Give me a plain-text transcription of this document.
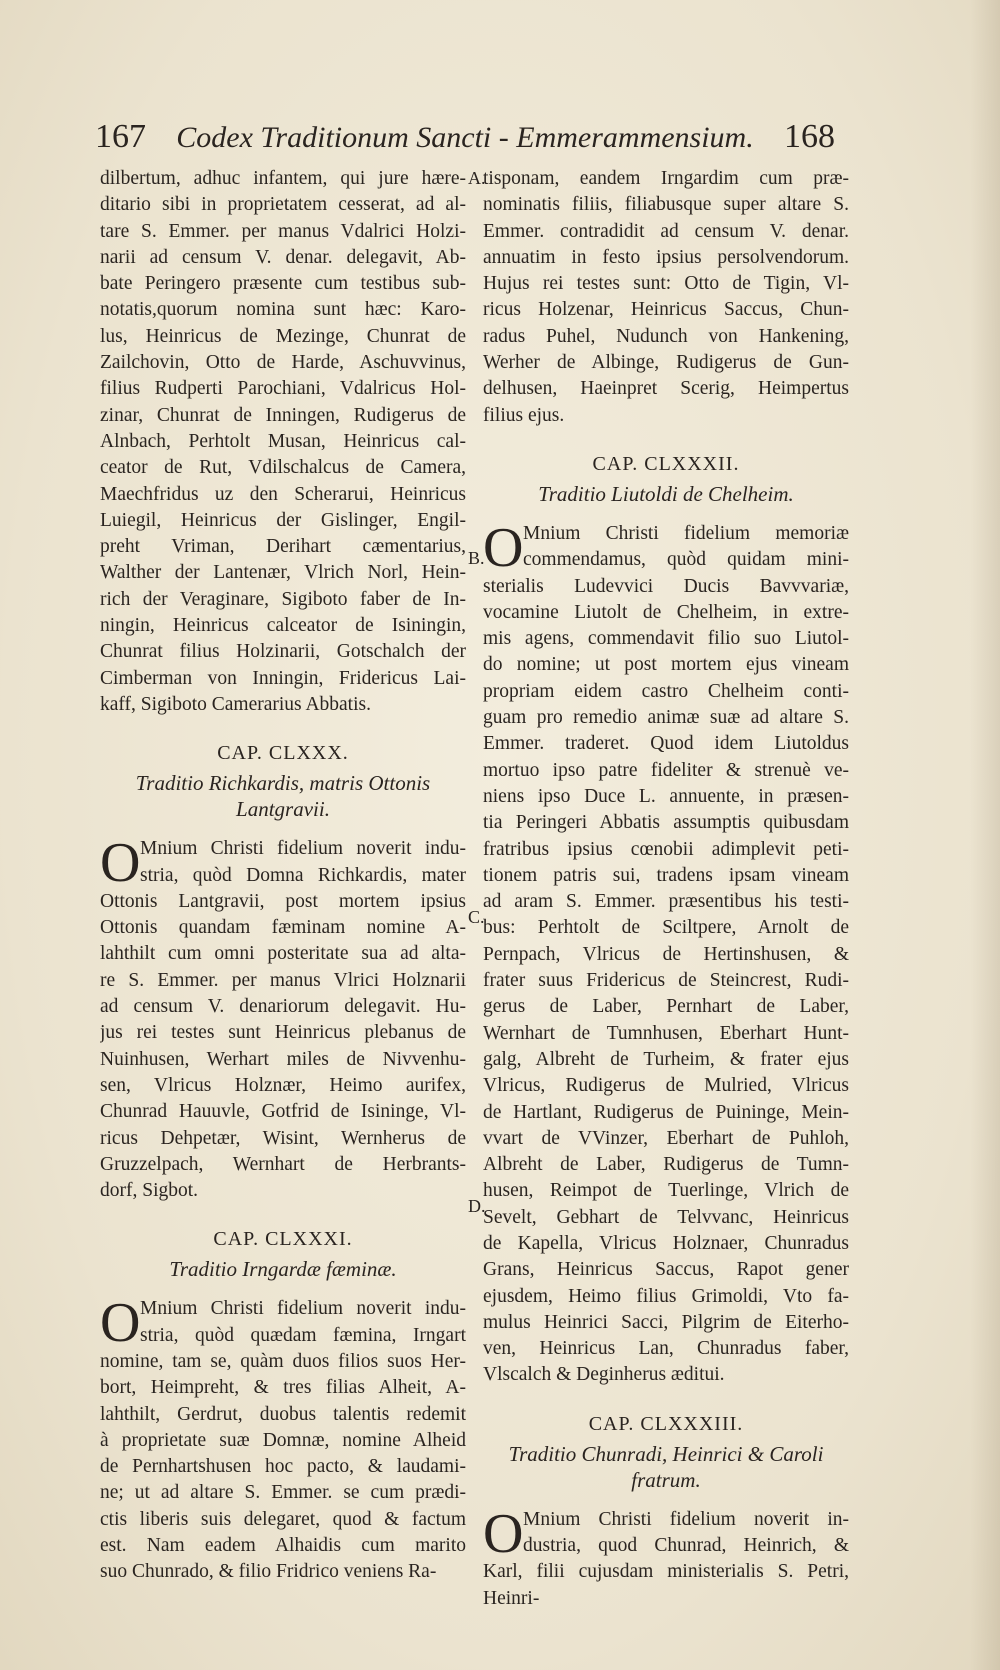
167 Codex Traditionum Sancti - Emmerammensium. 168
A.
B.
C.
D.
dilbertum, adhuc infantem, qui jure hære-
ditario sibi in proprietatem cesserat, ad al-
tare S. Emmer. per manus Vdalrici Holzi-
narii ad censum V. denar. delegavit, Ab-
bate Peringero præsente cum testibus sub-
notatis,quorum nomina sunt hæc: Karo-
lus, Heinricus de Mezinge, Chunrat de
Zailchovin, Otto de Harde, Aschuvvinus,
filius Rudperti Parochiani, Vdalricus Hol-
zinar, Chunrat de Inningen, Rudigerus de
Alnbach, Perhtolt Musan, Heinricus cal-
ceator de Rut, Vdilschalcus de Camera,
Maechfridus uz den Scherarui, Heinricus
Luiegil, Heinricus der Gislinger, Engil-
preht Vriman, Derihart cæmentarius,
Walther der Lantenær, Vlrich Norl, Hein-
rich der Veraginare, Sigiboto faber de In-
ningin, Heinricus calceator de Isiningin,
Chunrat filius Holzinarii, Gotschalch der
Cimberman von Inningin, Fridericus Lai-
kaff, Sigiboto Camerarius Abbatis.
CAP. CLXXX.
Traditio Richkardis, matris Ottonis
Lantgravii.
O Mnium Christi fidelium noverit indu-
stria, quòd Domna Richkardis, mater
Ottonis Lantgravii, post mortem ipsius
Ottonis quandam fæminam nomine A-
lahthilt cum omni posteritate sua ad alta-
re S. Emmer. per manus Vlrici Holznarii
ad censum V. denariorum delegavit. Hu-
jus rei testes sunt Heinricus plebanus de
Nuinhusen, Werhart miles de Nivvenhu-
sen, Vlricus Holznær, Heimo aurifex,
Chunrad Hauuvle, Gotfrid de Isininge, Vl-
ricus Dehpetær, Wisint, Wernherus de
Gruzzelpach, Wernhart de Herbrants-
dorf, Sigbot.
CAP. CLXXXI.
Traditio Irngardæ fæminæ.
O Mnium Christi fidelium noverit indu-
stria, quòd quædam fæmina, Irngart
nomine, tam se, quàm duos filios suos Her-
bort, Heimpreht, & tres filias Alheit, A-
lahthilt, Gerdrut, duobus talentis redemit
à proprietate suæ Domnæ, nomine Alheid
de Pernhartshusen hoc pacto, & laudami-
ne; ut ad altare S. Emmer. se cum prædi-
ctis liberis suis delegaret, quod & factum
est. Nam eadem Alhaidis cum marito
suo Chunrado, & filio Fridrico veniens Ra-
tisponam, eandem Irngardim cum præ-
nominatis filiis, filiabusque super altare S.
Emmer. contradidit ad censum V. denar.
annuatim in festo ipsius persolvendorum.
Hujus rei testes sunt: Otto de Tigin, Vl-
ricus Holzenar, Heinricus Saccus, Chun-
radus Puhel, Nudunch von Hankening,
Werher de Albinge, Rudigerus de Gun-
delhusen, Haeinpret Scerig, Heimpertus
filius ejus.
CAP. CLXXXII.
Traditio Liutoldi de Chelheim.
O Mnium Christi fidelium memoriæ
commendamus, quòd quidam mini-
sterialis Ludevvici Ducis Bavvvariæ,
vocamine Liutolt de Chelheim, in extre-
mis agens, commendavit filio suo Liutol-
do nomine; ut post mortem ejus vineam
propriam eidem castro Chelheim conti-
guam pro remedio animæ suæ ad altare S.
Emmer. traderet. Quod idem Liutoldus
mortuo ipso patre fideliter & strenuè ve-
niens ipso Duce L. annuente, in præsen-
tia Peringeri Abbatis assumptis quibusdam
fratribus ipsius cœnobii adimplevit peti-
tionem patris sui, tradens ipsam vineam
ad aram S. Emmer. præsentibus his testi-
bus: Perhtolt de Sciltpere, Arnolt de
Pernpach, Vlricus de Hertinshusen, &
frater suus Fridericus de Steincrest, Rudi-
gerus de Laber, Pernhart de Laber,
Wernhart de Tumnhusen, Eberhart Hunt-
galg, Albreht de Turheim, & frater ejus
Vlricus, Rudigerus de Mulried, Vlricus
de Hartlant, Rudigerus de Puininge, Mein-
vvart de VVinzer, Eberhart de Puhloh,
Albreht de Laber, Rudigerus de Tumn-
husen, Reimpot de Tuerlinge, Vlrich de
Sevelt, Gebhart de Telvvanc, Heinricus
de Kapella, Vlricus Holznaer, Chunradus
Grans, Heinricus Saccus, Rapot gener
ejusdem, Heimo filius Grimoldi, Vto fa-
mulus Heinrici Sacci, Pilgrim de Eiterho-
ven, Heinricus Lan, Chunradus faber,
Vlscalch & Deginherus æditui.
CAP. CLXXXIII.
Traditio Chunradi, Heinrici & Caroli
fratrum.
O Mnium Christi fidelium noverit in-
dustria, quod Chunrad, Heinrich, &
Karl, filii cujusdam ministerialis S. Petri,
Heinri-
